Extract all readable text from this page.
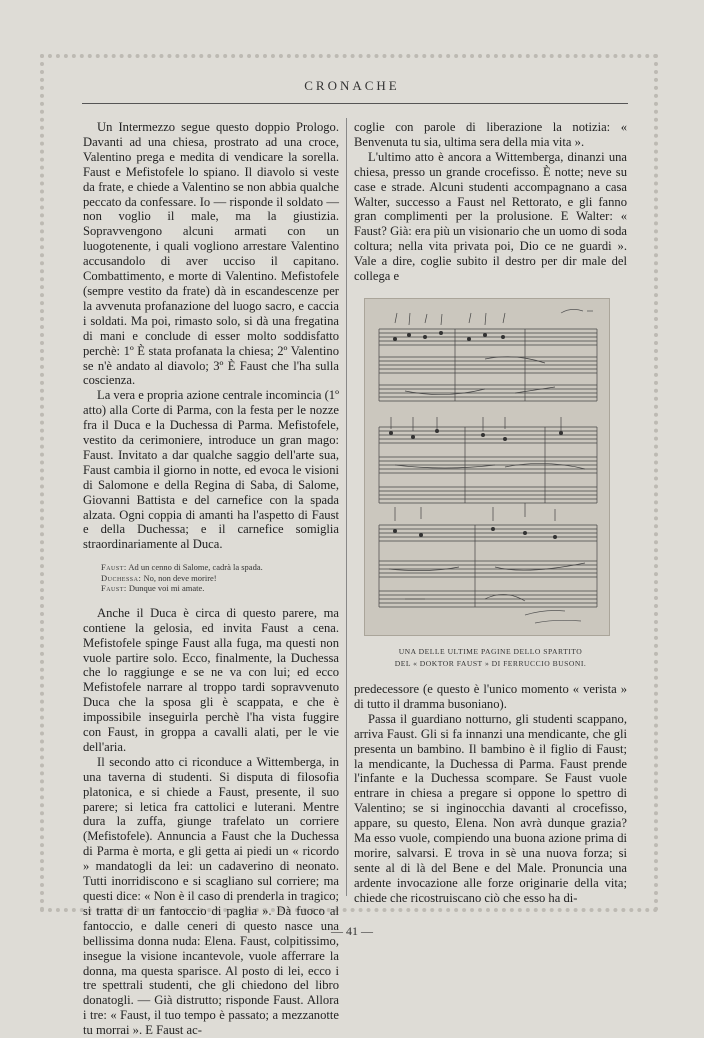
CRONACHE

Un Intermezzo segue questo doppio Prologo. Davanti ad una chiesa, prostrato ad una croce, Valentino prega e medita di vendicare la sorella. Faust e Mefistofele lo spiano. Il diavolo si veste da frate, e chiede a Valentino se non abbia qualche peccato da confessare. Io — risponde il soldato — non voglio il male, ma la giustizia. Sopravvengono alcuni armati con un luogotenente, i quali vogliono arrestare Valentino accusandolo di aver ucciso il capitano. Combattimento, e morte di Valentino. Mefistofele (sempre vestito da frate) dà in escandescenze per la avvenuta profanazione del luogo sacro, e caccia i soldati. Ma poi, rimasto solo, si dà una fregatina di mani e conclude di esser molto soddisfatto perchè: 1º È stata profanata la chiesa; 2º Valentino se n'è andato al diavolo; 3º È Faust che l'ha sulla coscienza.

La vera e propria azione centrale incomincia (1º atto) alla Corte di Parma, con la festa per le nozze fra il Duca e la Duchessa di Parma. Mefistofele, vestito da cerimoniere, introduce un gran mago: Faust. Invitato a dar qualche saggio dell'arte sua, Faust cambia il giorno in notte, ed evoca le visioni di Salomone e della Regina di Saba, di Salome, Giovanni Battista e del carnefice con la spada alzata. Ogni coppia di amanti ha l'aspetto di Faust e della Duchessa; e il carnefice somiglia straordinariamente al Duca.

Faust: Ad un cenno di Salome, cadrà la spada.
Duchessa: No, non deve morire!
Faust: Dunque voi mi amate.

Anche il Duca è circa di questo parere, ma contiene la gelosia, ed invita Faust a cena. Mefistofele spinge Faust alla fuga, ma questi non vuole partire solo. Ecco, finalmente, la Duchessa che lo raggiunge e se ne va con lui; ed ecco Mefistofele narrare al troppo tardi sopravvenuto Duca che la sposa gli è scappata, e che è impossibile inseguirla perchè l'ha vista fuggire con Faust, in groppa a cavalli alati, per le vie dell'aria.

Il secondo atto ci riconduce a Wittemberga, in una taverna di studenti. Si disputa di filosofia platonica, e si chiede a Faust, presente, il suo parere; si letica fra cattolici e luterani. Mentre dura la zuffa, giunge trafelato un corriere (Mefistofele). Annuncia a Faust che la Duchessa di Parma è morta, e gli getta ai piedi un « ricordo » mandatogli da lei: un cadaverino di neonato. Tutti inorridiscono e si scagliano sul corriere; ma questi dice: « Non è il caso di prenderla in tragico; si tratta di un fantoccio di paglia ». Dà fuoco al fantoccio, e dalle ceneri di questo nasce una bellissima donna nuda: Elena. Faust, colpitissimo, insegue la visione incantevole, vuole afferrare la donna, ma questa sparisce. Al posto di lei, ecco i tre spettrali studenti, che gli chiedono del libro donatogli. — Già distrutto; risponde Faust. Allora i tre: « Faust, il tuo tempo è passato; a mezzanotte tu morrai ». E Faust ac-

coglie con parole di liberazione la notizia: « Benvenuta tu sia, ultima sera della mia vita ».

L'ultimo atto è ancora a Wittemberga, dinanzi una chiesa, presso un grande crocefisso. È notte; neve su case e strade. Alcuni studenti accompagnano a casa Walter, successo a Faust nel Rettorato, e gli fanno gran complimenti per la prolusione. E Walter: « Faust? Già: era più un visionario che un uomo di soda coltura; nella vita privata poi, Dio ce ne guardi ». Vale a dire, coglie subito il destro per dir male del collega e

UNA DELLE ULTIME PAGINE DELLO SPARTITO
DEL « DOKTOR FAUST » DI FERRUCCIO BUSONI.

predecessore (e questo è l'unico momento « verista » di tutto il dramma busoniano).

Passa il guardiano notturno, gli studenti scappano, arriva Faust. Gli si fa innanzi una mendicante, che gli presenta un bambino. Il bambino è il figlio di Faust; la mendicante, la Duchessa di Parma. Faust prende l'infante e la Duchessa scompare. Se Faust vuole entrare in chiesa a pregare si oppone lo spettro di Valentino; se si inginocchia davanti al crocefisso, appare, su questo, Elena. Non avrà dunque grazia? Ma esso vuole, compiendo una buona azione prima di morire, salvarsi. E trova in sè una nuova forza; si sente al di là del Bene e del Male. Pronuncia una ardente invocazione alle forze originarie della vita; chiede che ricostruiscano ciò che esso ha di-

— 41 —
